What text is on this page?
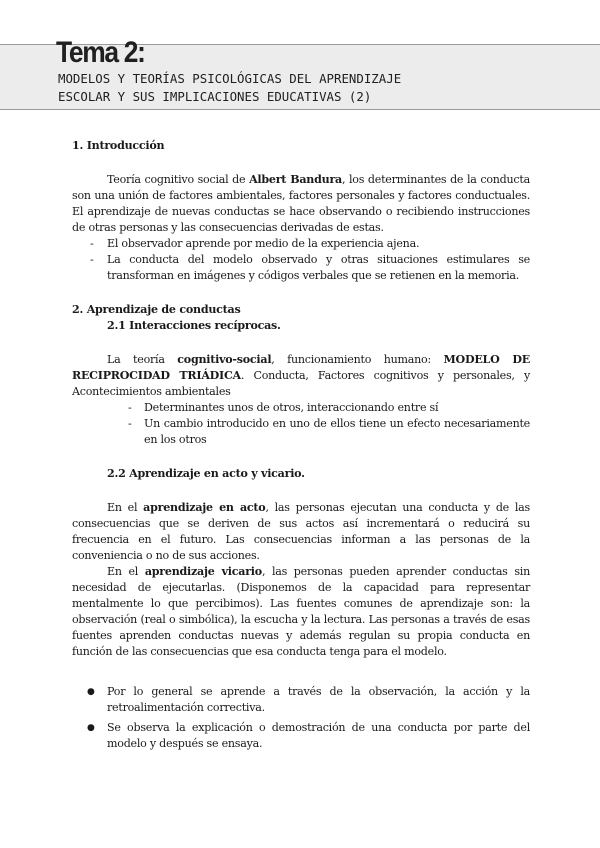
Tema 2:
MODELOS Y TEORÍAS PSICOLÓGICAS DEL APRENDIZAJE
ESCOLAR Y SUS IMPLICACIONES EDUCATIVAS (2)

1. Introducción

Teoría cognitivo social de Albert Bandura, los determinantes de la conducta son una unión de factores ambientales, factores personales y factores conductuales. El aprendizaje de nuevas conductas se hace observando o recibiendo instrucciones de otras personas y las consecuencias derivadas de estas.

- El observador aprende por medio de la experiencia ajena.
- La conducta del modelo observado y otras situaciones estimulares se transforman en imágenes y códigos verbales que se retienen en la memoria.

2. Aprendizaje de conductas

2.1 Interacciones recíprocas.

La teoría cognitivo-social, funcionamiento humano: MODELO DE RECIPROCIDAD TRIÁDICA. Conducta, Factores cognitivos y personales, y Acontecimientos ambientales

- Determinantes unos de otros, interaccionando entre sí
- Un cambio introducido en uno de ellos tiene un efecto necesariamente en los otros

2.2 Aprendizaje en acto y vicario.

En el aprendizaje en acto, las personas ejecutan una conducta y de las consecuencias que se deriven de sus actos así incrementará o reducirá su frecuencia en el futuro. Las consecuencias informan a las personas de la conveniencia o no de sus acciones.

En el aprendizaje vicario, las personas pueden aprender conductas sin necesidad de ejecutarlas. (Disponemos de la capacidad para representar mentalmente lo que percibimos). Las fuentes comunes de aprendizaje son: la observación (real o simbólica), la escucha y la lectura. Las personas a través de esas fuentes aprenden conductas nuevas y además regulan su propia conducta en función de las consecuencias que esa conducta tenga para el modelo.

● Por lo general se aprende a través de la observación, la acción y la retroalimentación correctiva.
● Se observa la explicación o demostración de una conducta por parte del modelo y después se ensaya.
